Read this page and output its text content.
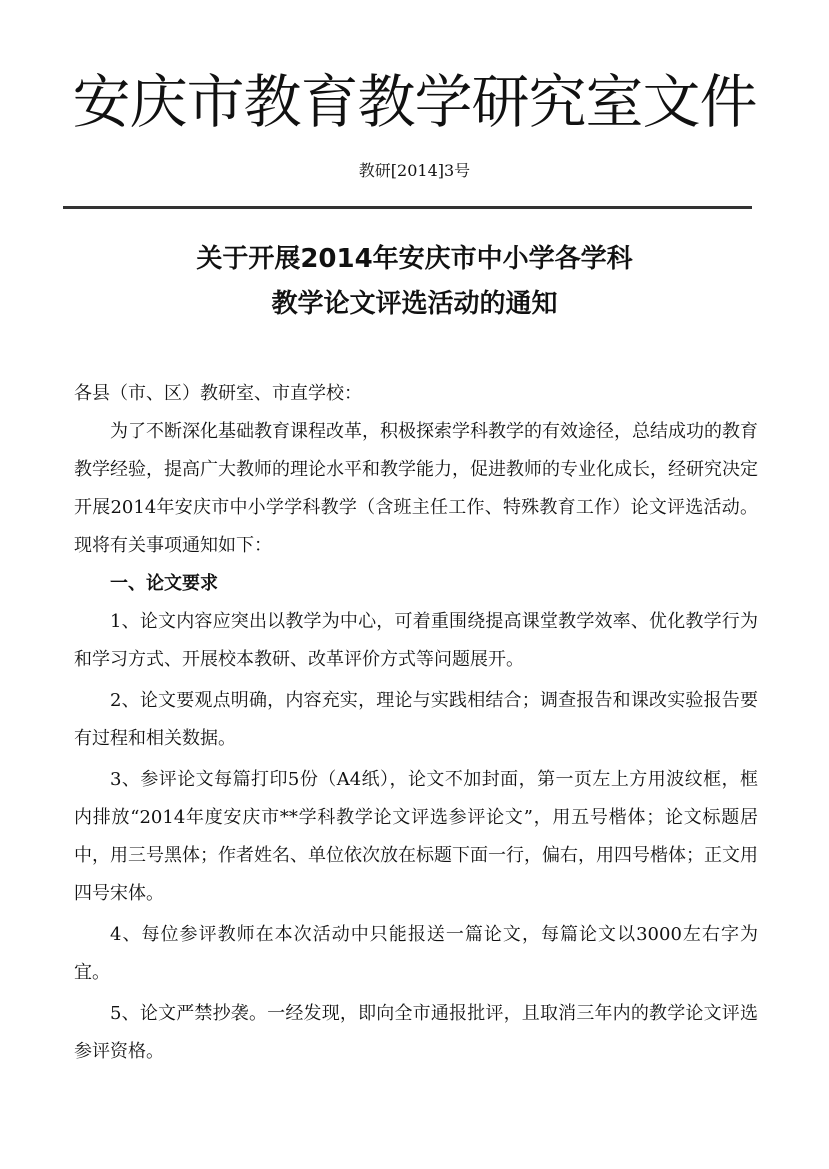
安庆市教育教学研究室文件
教研[2014]3号
关于开展2014年安庆市中小学各学科
教学论文评选活动的通知

各县（市、区）教研室、市直学校：

为了不断深化基础教育课程改革，积极探索学科教学的有效途径，总结成功的教育教学经验，提高广大教师的理论水平和教学能力，促进教师的专业化成长，经研究决定开展2014年安庆市中小学学科教学（含班主任工作、特殊教育工作）论文评选活动。现将有关事项通知如下：

一、论文要求

1、论文内容应突出以教学为中心，可着重围绕提高课堂教学效率、优化教学行为和学习方式、开展校本教研、改革评价方式等问题展开。

2、论文要观点明确，内容充实，理论与实践相结合；调查报告和课改实验报告要有过程和相关数据。

3、参评论文每篇打印5份（A4纸），论文不加封面，第一页左上方用波纹框，框内排放“2014年度安庆市**学科教学论文评选参评论文”，用五号楷体；论文标题居中，用三号黑体；作者姓名、单位依次放在标题下面一行，偏右，用四号楷体；正文用四号宋体。

4、每位参评教师在本次活动中只能报送一篇论文，每篇论文以3000左右字为宜。

5、论文严禁抄袭。一经发现，即向全市通报批评，且取消三年内的教学论文评选参评资格。
